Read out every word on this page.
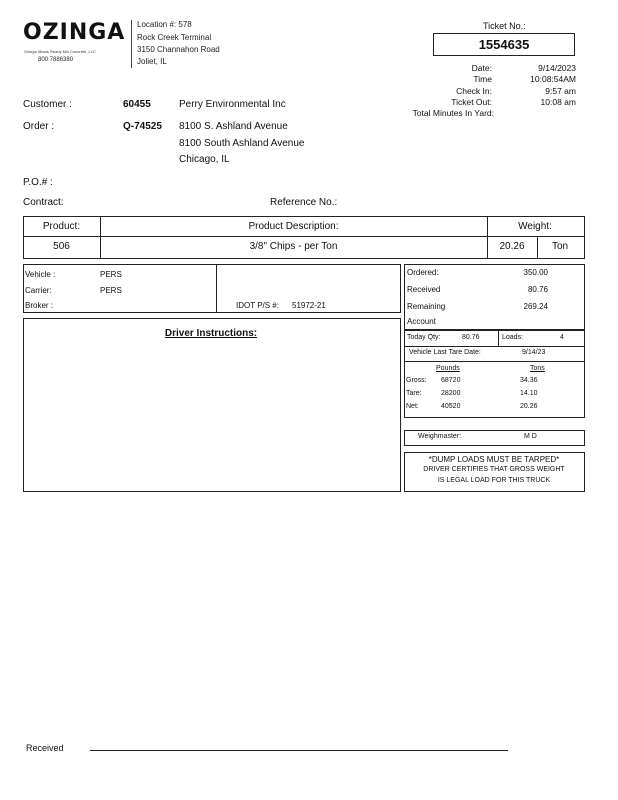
OZINGA
Ozinga Illinois Ready Mix Concrete, LLC
800 7886380
Location #: 578
Rock Creek Terminal
3150 Channahon Road
Joliet, IL
Ticket No.:
1554635
Date:	9/14/2023
Time	10:08:54AM
Check In:	9:57 am
Ticket Out:	10:08 am
Total Minutes In Yard:
Customer :	60455	Perry Environmental Inc
Order :	Q-74525 8100 S. Ashland Avenue
8100 South Ashland Avenue
Chicago, IL
P.O.# :
Contract:	Reference No.:
Product:	Product Description:	Weight:
506	3/8" Chips - per Ton	20.26	Ton
Vehicle :	PERS
Carrier:	PERS
Broker :	IDOT P/S #: 51972-21
Driver Instructions:
Ordered:	350.00
Received	80.76
Remaining	269.24
Account
Today Qty:	80.76	Loads:	4
Vehicle Last Tare Date:	9/14/23
Pounds	Tons
Gross: 68720	34.36
Tare:	28200	14.10
Net:	40520	20.26
Weighmaster:	M D
*DUMP LOADS MUST BE TARPED*
DRIVER CERTIFIES THAT GROSS WEIGHT
IS LEGAL LOAD FOR THIS TRUCK
Received
